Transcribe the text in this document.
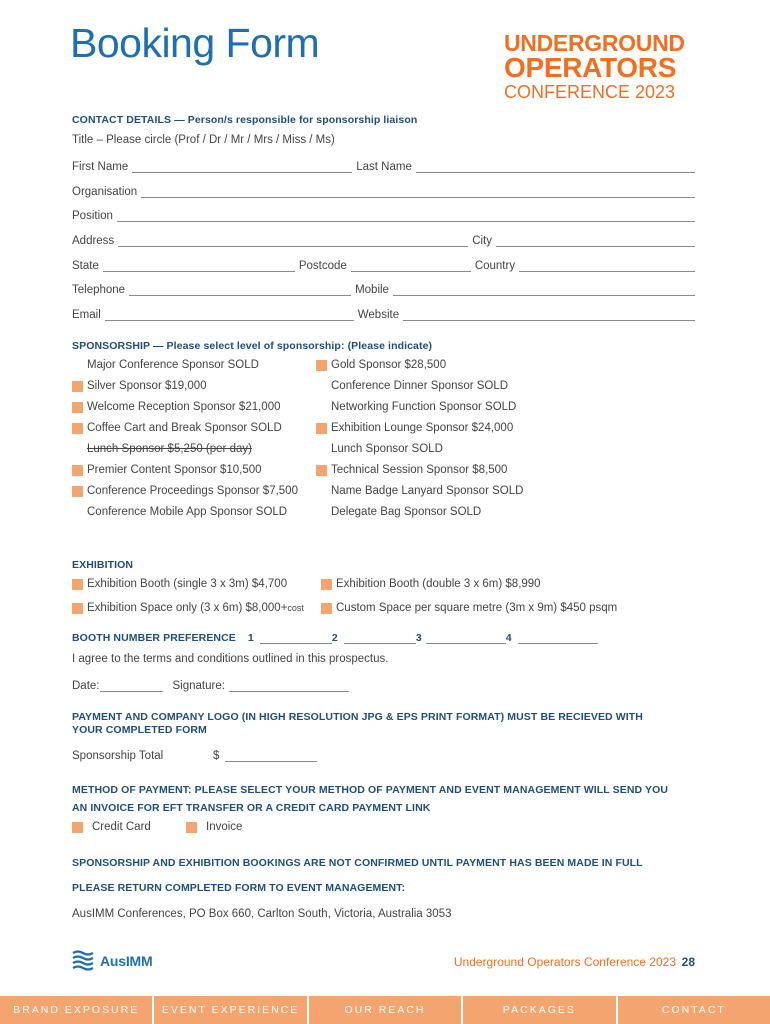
Booking Form	UNDERGROUND
OPERATORS
CONFERENCE 2023
CONTACT DETAILS — Person/s responsible for sponsorship liaison
Title – Please circle (Prof / Dr / Mr / Mrs / Miss / Ms)
First Name	Last Name
Organisation
Position
Address	City
State	Postcode	Country
Telephone	Mobile
Email	Website
SPONSORSHIP — Please select level of sponsorship: (Please indicate)
Major Conference Sponsor SOLD
Silver Sponsor $19,000
Welcome Reception Sponsor $21,000
Coffee Cart and Break Sponsor SOLD
Lunch Sponsor $5,250 (per day)
Premier Content Sponsor $10,500
Conference Proceedings Sponsor $7,500
Conference Mobile App Sponsor SOLD
Gold Sponsor $28,500
Conference Dinner Sponsor SOLD
Networking Function Sponsor SOLD
Exhibition Lounge Sponsor $24,000
Lunch Sponsor SOLD
Technical Session Sponsor $8,500
Name Badge Lanyard Sponsor SOLD
Delegate Bag Sponsor SOLD
EXHIBITION
Exhibition Booth (single 3 x 3m) $4,700	Exhibition Booth (double 3 x 6m) $8,990
Exhibition Space only (3 x 6m) $8,000+ cost	Custom Space per square metre (3m x 9m) $450 psqm
BOOTH NUMBER PREFERENCE 1	2	3	4
I agree to the terms and conditions outlined in this prospectus.
Date:	Signature:
PAYMENT AND COMPANY LOGO (IN HIGH RESOLUTION JPG & EPS PRINT FORMAT) MUST BE RECIEVED WITH YOUR COMPLETED FORM
Sponsorship Total	$
METHOD OF PAYMENT: PLEASE SELECT YOUR METHOD OF PAYMENT AND EVENT MANAGEMENT WILL SEND YOU
AN INVOICE FOR EFT TRANSFER OR A CREDIT CARD PAYMENT LINK
Credit Card	Invoice
SPONSORSHIP AND EXHIBITION BOOKINGS ARE NOT CONFIRMED UNTIL PAYMENT HAS BEEN MADE IN FULL
PLEASE RETURN COMPLETED FORM TO EVENT MANAGEMENT:
AusIMM Conferences, PO Box 660, Carlton South, Victoria, Australia 3053
AusIMM	Underground Operators Conference 2023 28
BRAND EXPOSURE	EVENT EXPERIENCE	OUR REACH	PACKAGES	CONTACT
